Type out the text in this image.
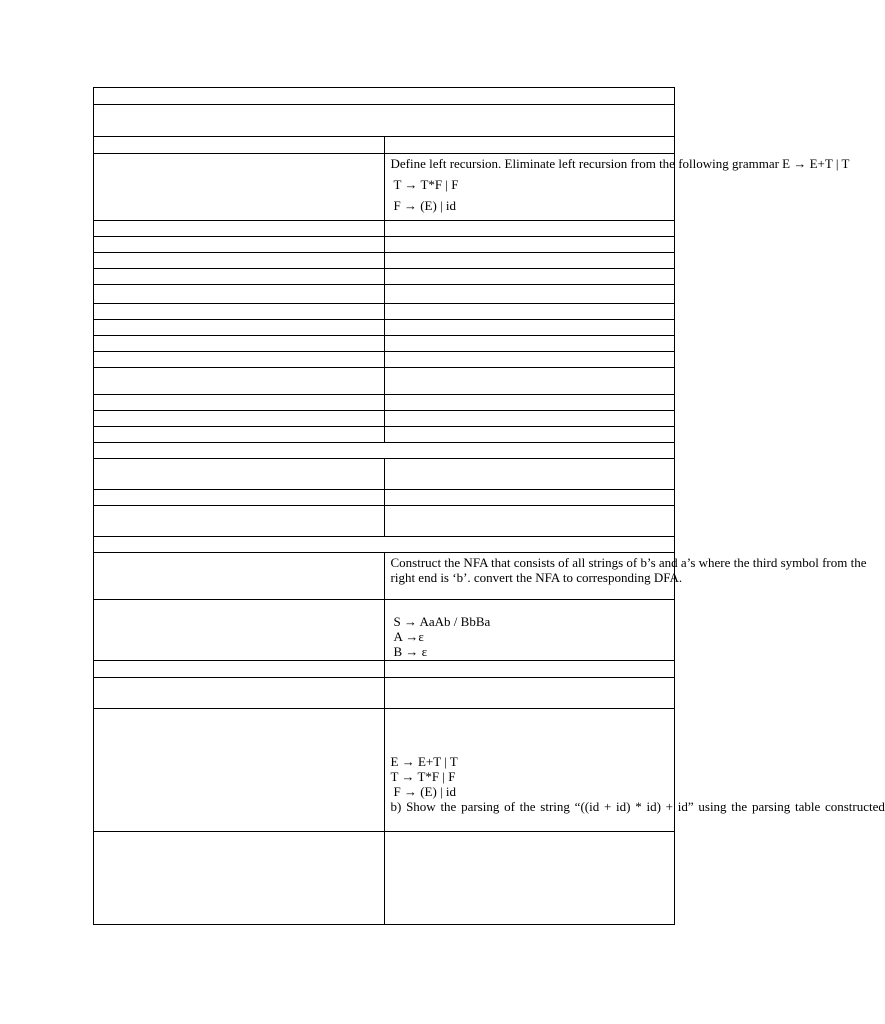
	Define left recursion. Eliminate left recursion from the following grammar E → E+T | T
T → T*F | F
F → (E) | id

	Construct the NFA that consists of all strings of b’s and a’s where the third symbol from the
right end is ‘b’. convert the NFA to corresponding DFA.

	S → AaAb / BbBa
A →ε
B → ε

	E → E+T | T
T → T*F | F
F → (E) | id
b) Show the parsing of the string “((id + id) * id) + id” using the parsing table constructed
